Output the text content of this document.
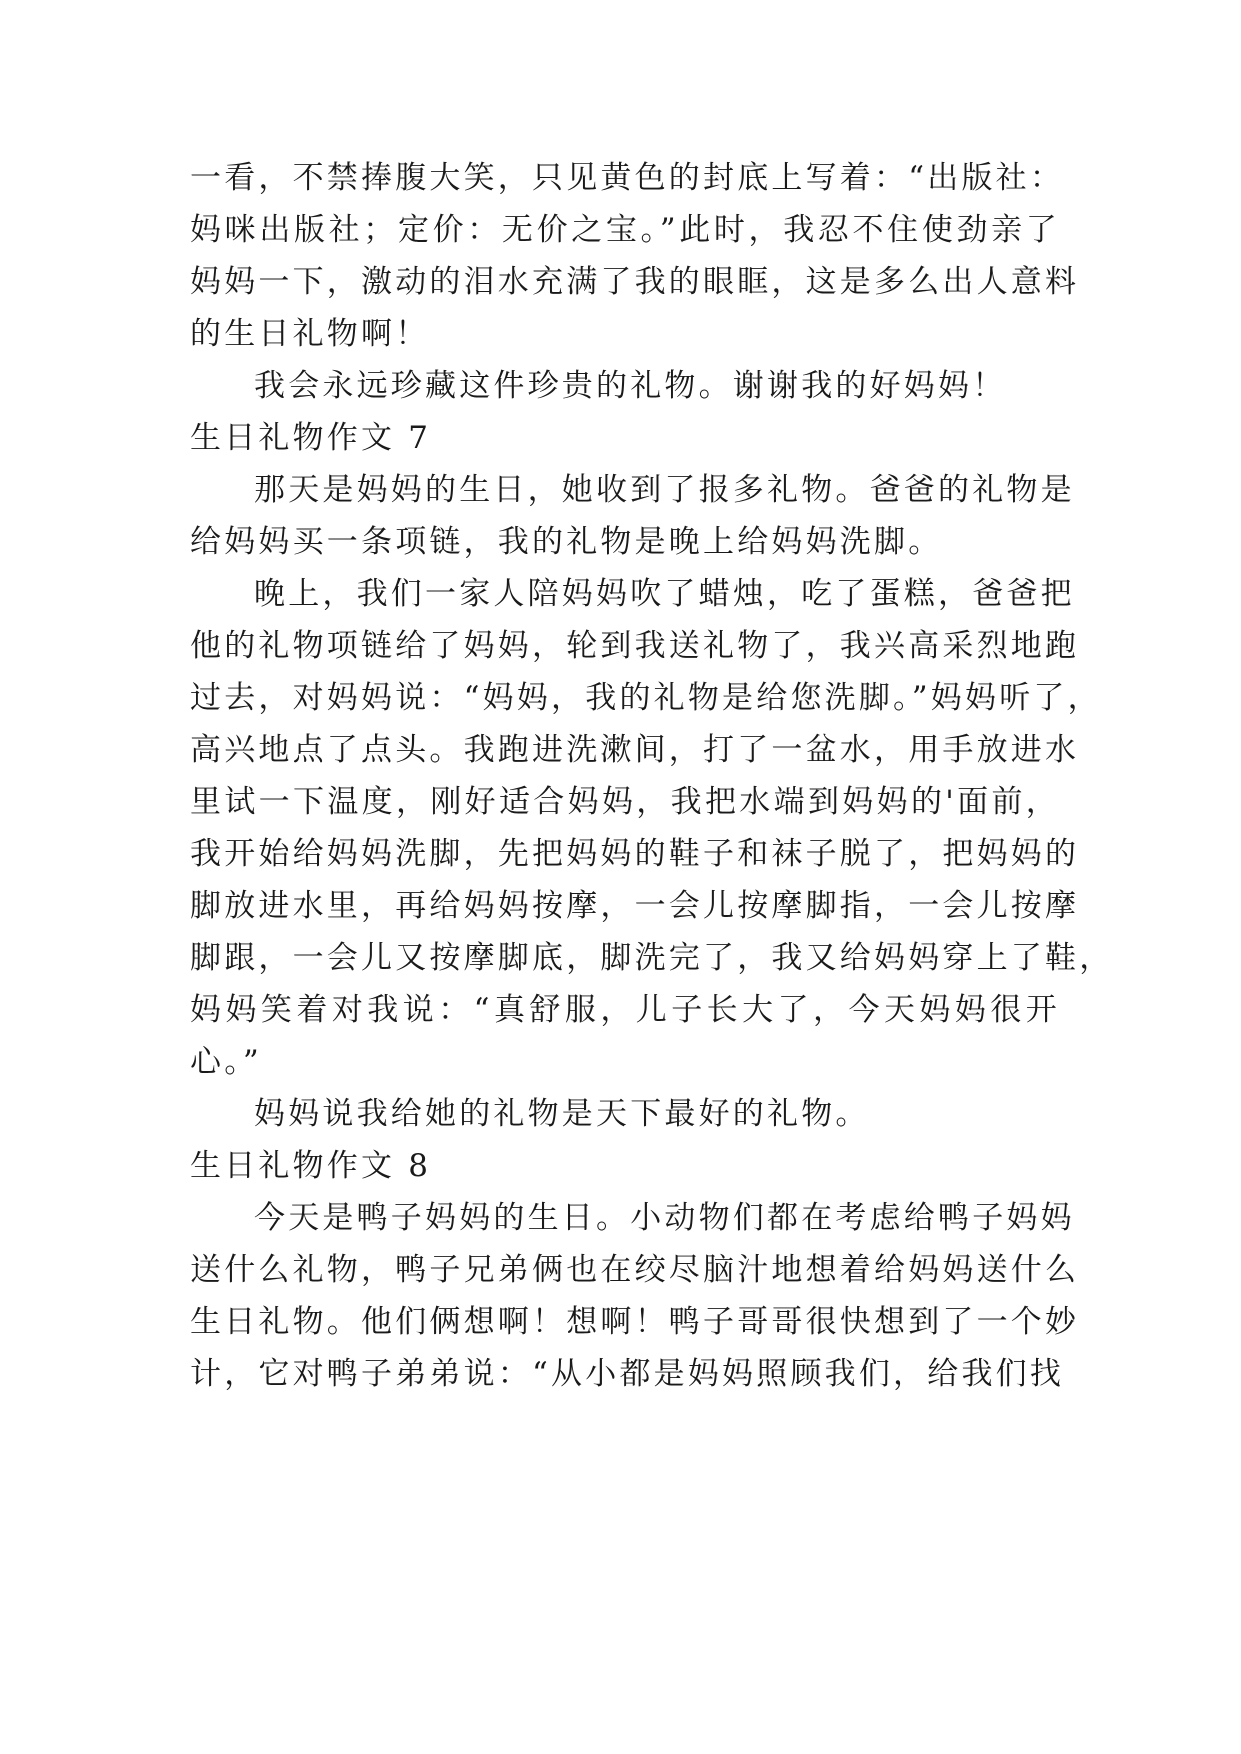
一看，不禁捧腹大笑，只见黄色的封底上写着：“出版社：
妈咪出版社；定价：无价之宝。”此时，我忍不住使劲亲了
妈妈一下，激动的泪水充满了我的眼眶，这是多么出人意料
的生日礼物啊！
我会永远珍藏这件珍贵的礼物。谢谢我的好妈妈！
生日礼物作文 7
那天是妈妈的生日，她收到了报多礼物。爸爸的礼物是
给妈妈买一条项链，我的礼物是晚上给妈妈洗脚。
晚上，我们一家人陪妈妈吹了蜡烛，吃了蛋糕，爸爸把
他的礼物项链给了妈妈，轮到我送礼物了，我兴高采烈地跑
过去，对妈妈说：“妈妈，我的礼物是给您洗脚。”妈妈听了，
高兴地点了点头。我跑进洗漱间，打了一盆水，用手放进水
里试一下温度，刚好适合妈妈，我把水端到妈妈的'面前，
我开始给妈妈洗脚，先把妈妈的鞋子和袜子脱了，把妈妈的
脚放进水里，再给妈妈按摩，一会儿按摩脚指，一会儿按摩
脚跟，一会儿又按摩脚底，脚洗完了，我又给妈妈穿上了鞋，
妈妈笑着对我说：“真舒服，儿子长大了，今天妈妈很开
心。”
妈妈说我给她的礼物是天下最好的礼物。
生日礼物作文 8
今天是鸭子妈妈的生日。小动物们都在考虑给鸭子妈妈
送什么礼物，鸭子兄弟俩也在绞尽脑汁地想着给妈妈送什么
生日礼物。他们俩想啊！想啊！鸭子哥哥很快想到了一个妙
计，它对鸭子弟弟说：“从小都是妈妈照顾我们，给我们找
